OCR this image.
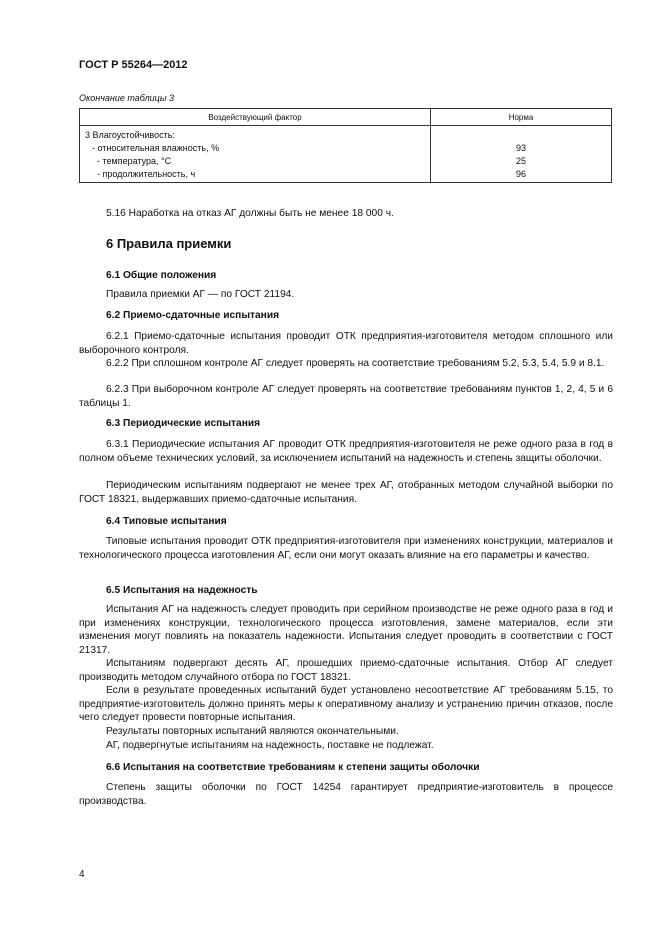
ГОСТ Р 55264—2012
Окончание таблицы 3
Воздействующий фактор	Норма
3 Влагоустойчивость:	
- относительная влажность, %	93
- температура, °С	25
- продолжительность, ч	96
5.16 Наработка на отказ АГ должны быть не менее 18 000 ч.
6 Правила приемки
6.1 Общие положения
Правила приемки АГ — по ГОСТ 21194.
6.2 Приемо-сдаточные испытания
6.2.1 Приемо-сдаточные испытания проводит ОТК предприятия-изготовителя методом сплошного или выборочного контроля.
6.2.2 При сплошном контроле АГ следует проверять на соответствие требованиям 5.2, 5.3, 5.4, 5.9 и 8.1.
6.2.3 При выборочном контроле АГ следует проверять на соответствие требованиям пунктов 1, 2, 4, 5 и 6 таблицы 1.
6.3 Периодические испытания
6.3.1 Периодические испытания АГ проводит ОТК предприятия-изготовителя не реже одного раза в год в полном объеме технических условий, за исключением испытаний на надежность и степень защиты оболочки.
Периодическим испытаниям подвергают не менее трех АГ, отобранных методом случайной выборки по ГОСТ 18321, выдержавших приемо-сдаточные испытания.
6.4 Типовые испытания
Типовые испытания проводит ОТК предприятия-изготовителя при изменениях конструкции, материалов и технологического процесса изготовления АГ, если они могут оказать влияние на его параметры и качество.
6.5 Испытания на надежность
Испытания АГ на надежность следует проводить при серийном производстве не реже одного раза в год и при изменениях конструкции, технологического процесса изготовления, замене материалов, если эти изменения могут повлиять на показатель надежности. Испытания следует проводить в соответствии с ГОСТ 21317.
Испытаниям подвергают десять АГ, прошедших приемо-сдаточные испытания. Отбор АГ следует производить методом случайного отбора по ГОСТ 18321.
Если в результате проведенных испытаний будет установлено несоответствие АГ требованиям 5.15, то предприятие-изготовитель должно принять меры к оперативному анализу и устранению причин отказов, после чего следует провести повторные испытания.
Результаты повторных испытаний являются окончательными.
АГ, подвергнутые испытаниям на надежность, поставке не подлежат.
6.6 Испытания на соответствие требованиям к степени защиты оболочки
Степень защиты оболочки по ГОСТ 14254 гарантирует предприятие-изготовитель в процессе производства.
4
